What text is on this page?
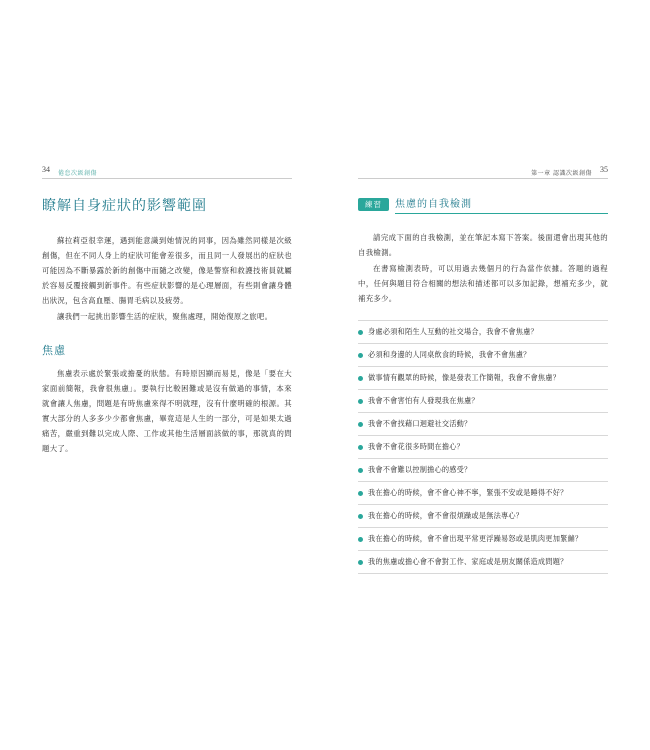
34 倦怠次級創傷	第一章 認識次級創傷 35
瞭解自身症狀的影響範圍

蘇拉莉亞很幸運，遇到能意識到她情況的同事，因為雖然同樣是次級創傷，但在不同人身上的症狀可能會差很多，而且同一人發展出的症狀也可能因為不斷暴露於新的創傷中而隨之改變，像是警察和救護技術員就屬於容易反覆接觸到新事件。有些症狀影響的是心理層面，有些則會讓身體出狀況，包含高血壓、腸胃毛病以及疲勞。

讓我們一起挑出影響生活的症狀，聚焦處理，開始復原之旅吧。

焦慮

焦慮表示處於緊張或擔憂的狀態。有時原因顯而易見，像是「要在大家面前簡報，我會很焦慮」。要執行比較困難或是沒有做過的事情，本來就會讓人焦慮，問題是有時焦慮來得不明就理，沒有什麼明確的根源。其實大部分的人多多少少都會焦慮，畢竟這是人生的一部分，可是如果太過痛苦，嚴重到難以完成人際、工作或其他生活層面該做的事，那就真的問題大了。

練習	焦慮的自我檢測

請完成下面的自我檢測，並在筆記本寫下答案。後面還會出現其他的自我檢測。

在書寫檢測表時，可以用過去幾個月的行為當作依據。答題的過程中，任何與題目符合相關的想法和描述都可以多加記錄，想補充多少，就補充多少。

身處必須和陌生人互動的社交場合，我會不會焦慮？
必須和身邊的人同桌飲食的時候，我會不會焦慮？
做事情有觀眾的時候，像是發表工作簡報，我會不會焦慮？
我會不會害怕有人發現我在焦慮？
我會不會找藉口迴避社交活動？
我會不會花很多時間在擔心？
我會不會難以控制擔心的感受？
我在擔心的時候，會不會心神不寧，緊張不安或是睡得不好？
我在擔心的時候，會不會很煩躁或是無法專心？
我在擔心的時候，會不會出現平常更浮躁易怒或是肌肉更加緊繃？
我的焦慮或擔心會不會對工作、家庭或是朋友關係造成問題？
